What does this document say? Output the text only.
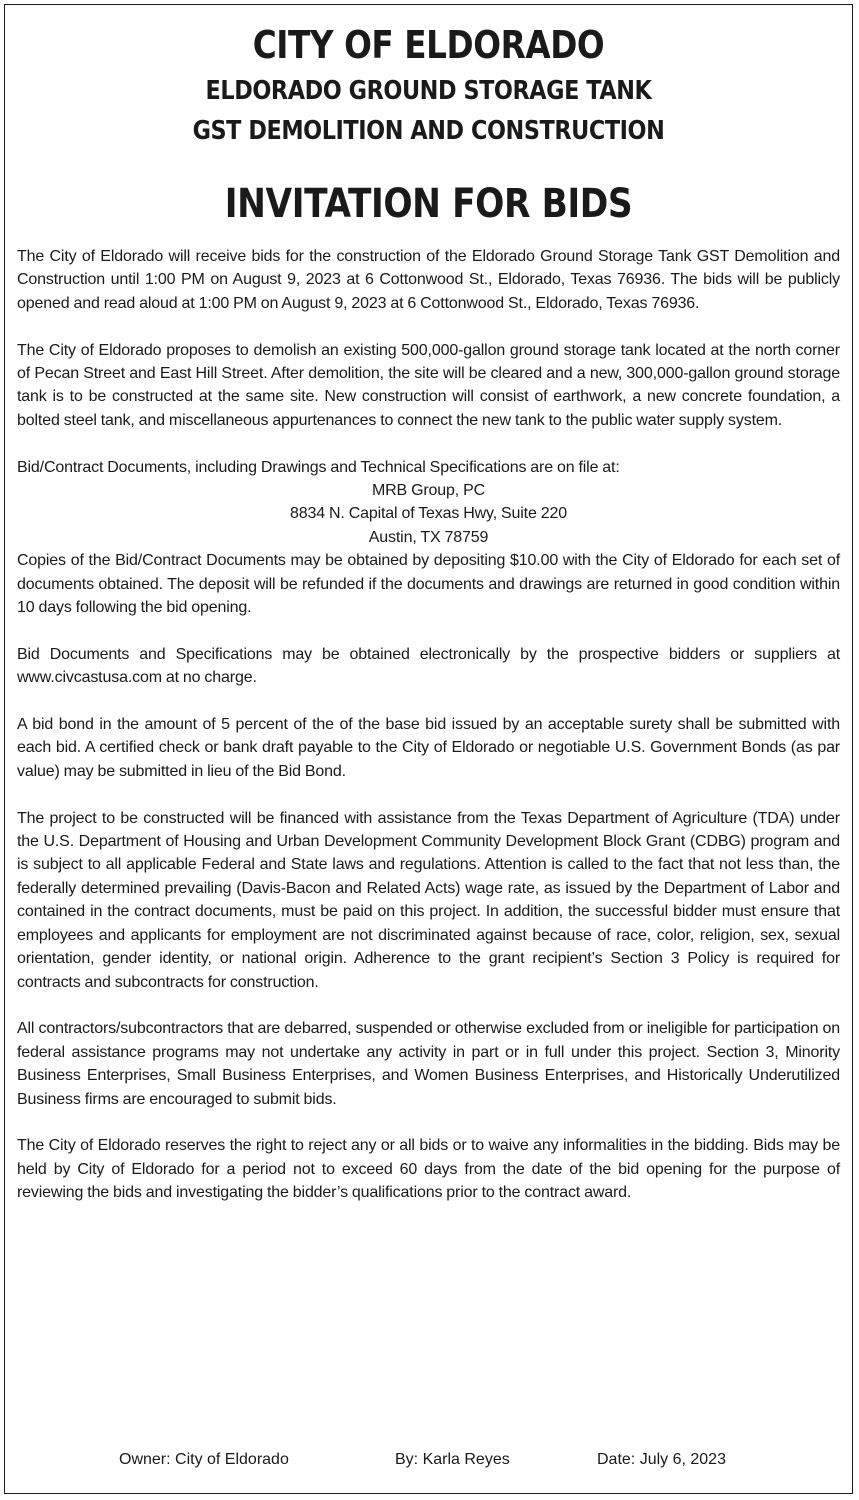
CITY OF ELDORADO
ELDORADO GROUND STORAGE TANK
GST DEMOLITION AND CONSTRUCTION
INVITATION FOR BIDS

The City of Eldorado will receive bids for the construction of the Eldorado Ground Storage Tank GST Demolition and Construction until 1:00 PM on August 9, 2023 at 6 Cottonwood St., Eldorado, Texas 76936. The bids will be publicly opened and read aloud at 1:00 PM on August 9, 2023 at 6 Cottonwood St., Eldorado, Texas 76936.

The City of Eldorado proposes to demolish an existing 500,000-gallon ground storage tank located at the north corner of Pecan Street and East Hill Street. After demolition, the site will be cleared and a new, 300,000-gallon ground storage tank is to be constructed at the same site. New construction will consist of earthwork, a new concrete foundation, a bolted steel tank, and miscellaneous appurtenances to connect the new tank to the public water supply system.

Bid/Contract Documents, including Drawings and Technical Specifications are on file at:

MRB Group, PC
8834 N. Capital of Texas Hwy, Suite 220
Austin, TX 78759

Copies of the Bid/Contract Documents may be obtained by depositing $10.00 with the City of Eldorado for each set of documents obtained. The deposit will be refunded if the documents and drawings are returned in good condition within 10 days following the bid opening.

Bid Documents and Specifications may be obtained electronically by the prospective bidders or suppliers at www.civcastusa.com at no charge.

A bid bond in the amount of 5 percent of the of the base bid issued by an acceptable surety shall be submitted with each bid. A certified check or bank draft payable to the City of Eldorado or negotiable U.S. Government Bonds (as par value) may be submitted in lieu of the Bid Bond.

The project to be constructed will be financed with assistance from the Texas Department of Agriculture (TDA) under the U.S. Department of Housing and Urban Development Community Development Block Grant (CDBG) program and is subject to all applicable Federal and State laws and regulations. Attention is called to the fact that not less than, the federally determined prevailing (Davis-Bacon and Related Acts) wage rate, as issued by the Department of Labor and contained in the contract documents, must be paid on this project. In addition, the successful bidder must ensure that employees and applicants for employment are not discriminated against because of race, color, religion, sex, sexual orientation, gender identity, or national origin. Adherence to the grant recipient’s Section 3 Policy is required for contracts and subcontracts for construction.

All contractors/subcontractors that are debarred, suspended or otherwise excluded from or ineligible for participation on federal assistance programs may not undertake any activity in part or in full under this project. Section 3, Minority Business Enterprises, Small Business Enterprises, and Women Business Enterprises, and Historically Underutilized Business firms are encouraged to submit bids.

The City of Eldorado reserves the right to reject any or all bids or to waive any informalities in the bidding. Bids may be held by City of Eldorado for a period not to exceed 60 days from the date of the bid opening for the purpose of reviewing the bids and investigating the bidder’s qualifications prior to the contract award.

Owner: City of Eldorado	By: Karla Reyes	Date: July 6, 2023
